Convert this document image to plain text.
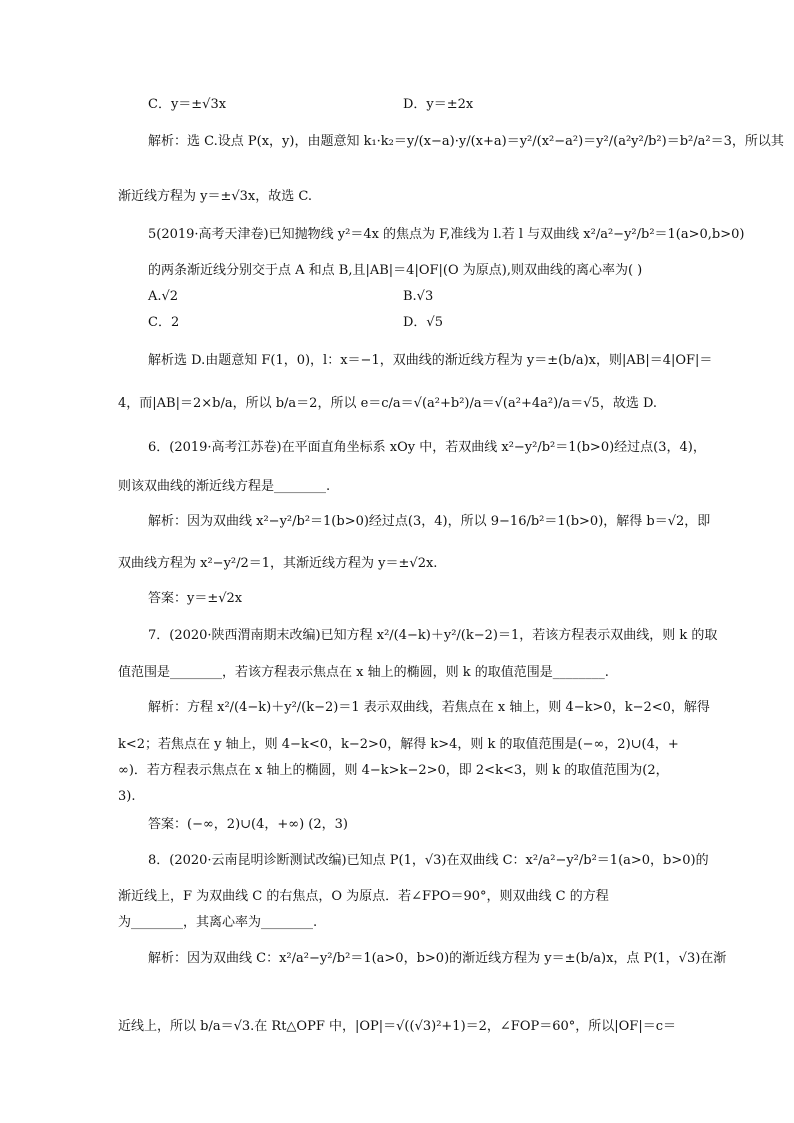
C．y＝±√3x	D．y＝±2x
解析：选 C.设点 P(x，y)，由题意知 k₁·k₂＝y/(x−a)·y/(x+a)＝y²/(x²−a²)＝y²/(a²y²/b²)＝b²/a²＝3，所以其
渐近线方程为 y＝±√3x，故选 C.
5(2019·高考天津卷)已知抛物线 y²＝4x 的焦点为 F,准线为 l.若 l 与双曲线 x²/a²−y²/b²＝1(a>0,b>0)
的两条渐近线分别交于点 A 和点 B,且|AB|＝4|OF|(O 为原点),则双曲线的离心率为( )
A.√2	B.√3
C．2	D．√5
解析选 D.由题意知 F(1，0)，l：x＝−1，双曲线的渐近线方程为 y＝±(b/a)x，则|AB|＝4|OF|＝
4，而|AB|＝2×b/a，所以 b/a＝2，所以 e＝c/a＝√(a²+b²)/a＝√(a²+4a²)/a＝√5，故选 D.
6．(2019·高考江苏卷)在平面直角坐标系 xOy 中，若双曲线 x²−y²/b²＝1(b>0)经过点(3，4)，
则该双曲线的渐近线方程是________.
解析：因为双曲线 x²−y²/b²＝1(b>0)经过点(3，4)，所以 9−16/b²＝1(b>0)，解得 b＝√2，即
双曲线方程为 x²−y²/2＝1，其渐近线方程为 y＝±√2x.
答案：y＝±√2x
7．(2020·陕西渭南期末改编)已知方程 x²/(4−k)＋y²/(k−2)＝1，若该方程表示双曲线，则 k 的取
值范围是________，若该方程表示焦点在 x 轴上的椭圆，则 k 的取值范围是________.
解析：方程 x²/(4−k)＋y²/(k−2)＝1 表示双曲线，若焦点在 x 轴上，则 4−k>0，k−2<0，解得
k<2；若焦点在 y 轴上，则 4−k<0，k−2>0，解得 k>4，则 k 的取值范围是(−∞，2)∪(4，+
∞)．若方程表示焦点在 x 轴上的椭圆，则 4−k>k−2>0，即 2<k<3，则 k 的取值范围为(2，
3).
答案：(−∞，2)∪(4，+∞) (2，3)
8．(2020·云南昆明诊断测试改编)已知点 P(1，√3)在双曲线 C：x²/a²−y²/b²＝1(a>0，b>0)的
渐近线上，F 为双曲线 C 的右焦点，O 为原点．若∠FPO＝90°，则双曲线 C 的方程
为________，其离心率为________.
解析：因为双曲线 C：x²/a²−y²/b²＝1(a>0，b>0)的渐近线方程为 y＝±(b/a)x，点 P(1，√3)在渐
近线上，所以 b/a＝√3.在 Rt△OPF 中，|OP|＝√((√3)²+1)＝2，∠FOP＝60°，所以|OF|＝c＝
